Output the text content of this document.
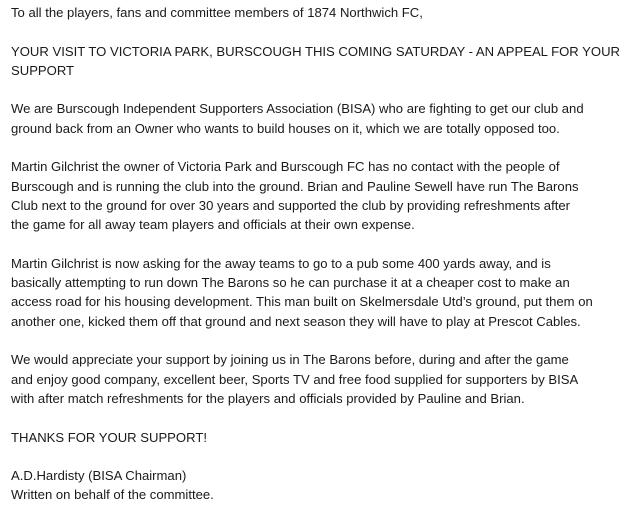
To all the players, fans and committee members of 1874 Northwich FC,

YOUR VISIT TO VICTORIA PARK, BURSCOUGH THIS COMING SATURDAY - AN APPEAL FOR YOUR
SUPPORT

We are Burscough Independent Supporters Association (BISA) who are fighting to get our club and
ground back from an Owner who wants to build houses on it, which we are totally opposed too.

Martin Gilchrist the owner of Victoria Park and Burscough FC has no contact with the people of
Burscough and is running the club into the ground. Brian and Pauline Sewell have run The Barons
Club next to the ground for over 30 years and supported the club by providing refreshments after
the game for all away team players and officials at their own expense.

Martin Gilchrist is now asking for the away teams to go to a pub some 400 yards away, and is
basically attempting to run down The Barons so he can purchase it at a cheaper cost to make an
access road for his housing development. This man built on Skelmersdale Utd’s ground, put them on
another one, kicked them off that ground and next season they will have to play at Prescot Cables.

We would appreciate your support by joining us in The Barons before, during and after the game
and enjoy good company, excellent beer, Sports TV and free food supplied for supporters by BISA
with after match refreshments for the players and officials provided by Pauline and Brian.

THANKS FOR YOUR SUPPORT!

A.D.Hardisty (BISA Chairman)
Written on behalf of the committee.
